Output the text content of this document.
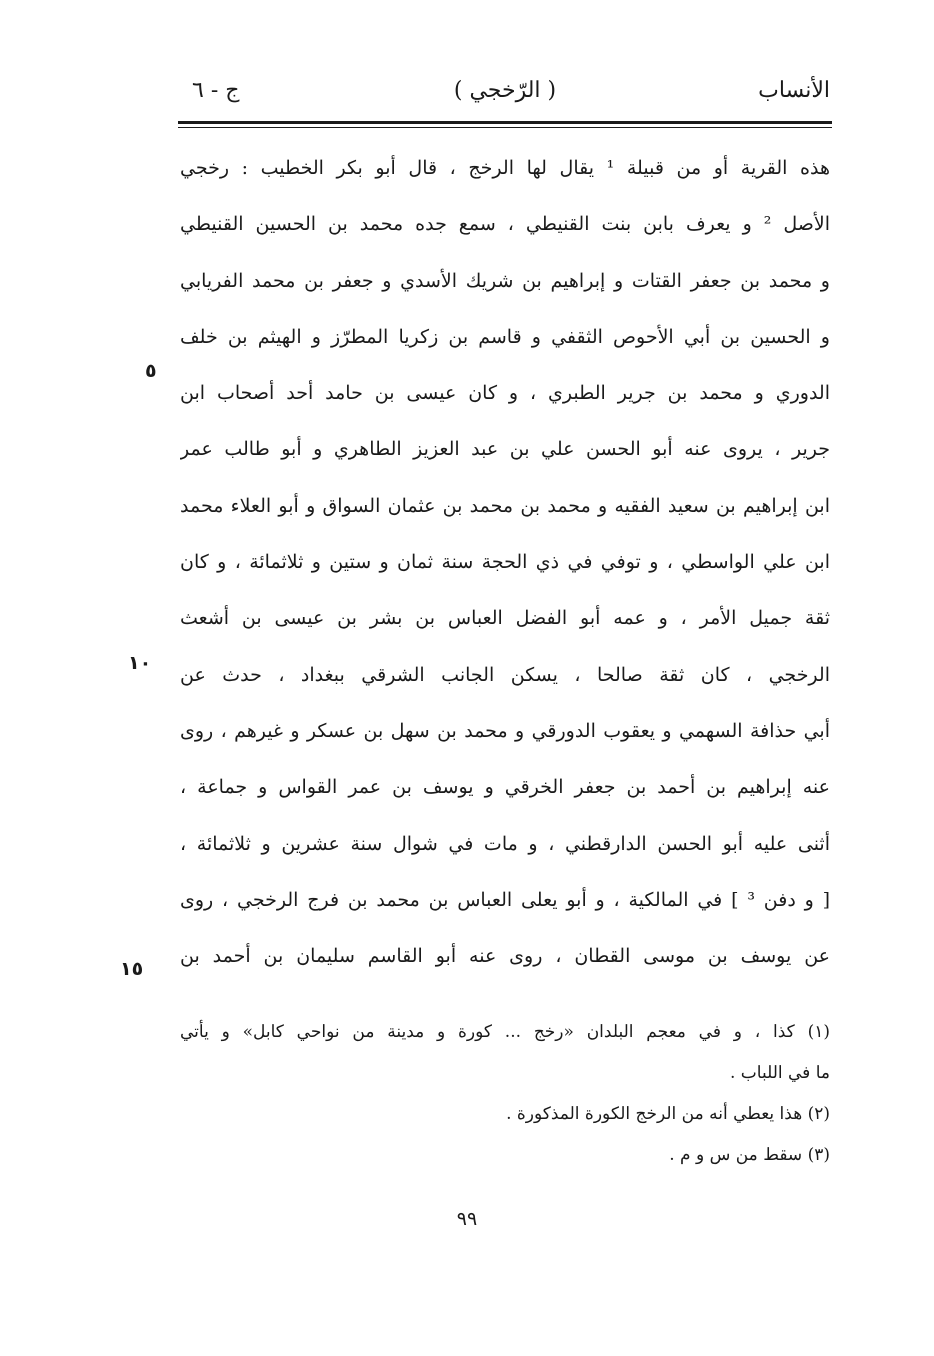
الأنساب
( الرّخجي )
ج - ٦
هذه القرية أو من قبيلة ¹ يقال لها الرخج ، قال أبو بكر الخطيب : رخجي
الأصل ² و يعرف بابن بنت القنيطي ، سمع جده محمد بن الحسين القنيطي
و محمد بن جعفر القتات و إبراهيم بن شريك الأسدي و جعفر بن محمد الفريابي
و الحسين بن أبي الأحوص الثقفي و قاسم بن زكريا المطرّز و الهيثم بن خلف
الدوري و محمد بن جرير الطبري ، و كان عيسى بن حامد أحد أصحاب ابن
جرير ، يروى عنه أبو الحسن علي بن عبد العزيز الطاهري و أبو طالب عمر
ابن إبراهيم بن سعيد الفقيه و محمد بن محمد بن عثمان السواق و أبو العلاء محمد
ابن علي الواسطي ، و توفي في ذي الحجة سنة ثمان و ستين و ثلاثمائة ، و كان
ثقة جميل الأمر ، و عمه أبو الفضل العباس بن بشر بن عيسى بن أشعث
الرخجي ، كان ثقة صالحا ، يسكن الجانب الشرقي ببغداد ، حدث عن
أبي حذافة السهمي و يعقوب الدورقي و محمد بن سهل بن عسكر و غيرهم ، روى
عنه إبراهيم بن أحمد بن جعفر الخرقي و يوسف بن عمر القواس و جماعة ،
أثنى عليه أبو الحسن الدارقطني ، و مات في شوال سنة عشرين و ثلاثمائة ،
[ و دفن ³ ] في المالكية ، و أبو يعلى العباس بن محمد بن فرج الرخجي ، روى
عن يوسف بن موسى القطان ، روى عنه أبو القاسم سليمان بن أحمد بن
٥
١٠
١٥
(١) كذا ، و في معجم البلدان «رخج ... كورة و مدينة من نواحي كابل» و يأتي
ما في اللباب .
(٢) هذا يعطي أنه من الرخج الكورة المذكورة .
(٣) سقط من س و م .
٩٩
